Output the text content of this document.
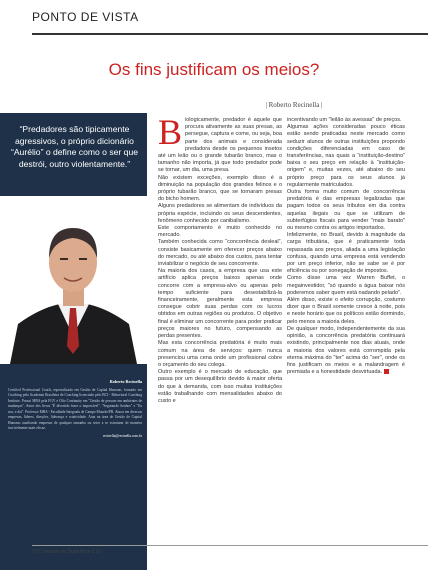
PONTO DE VISTA
Os fins justificam os meios?
| Roberto Recinella |
“Predadores são tipicamente agressivos, o próprio dicionário “Aurélio” o define como o ser que destrói, outro violentamente.”
Roberto Recinella
Certified Professional Coach, especializado em Gestão de Capital Humano, formado em Coaching pela Academia Brasileira de Coaching licenciado pelo BCI - Behavioral Coaching Institute. Possui MBA pela FGV e Olio Continuity em "Gestão de pessoas em ambientes de mudanças". Autor dos livros "É divertido fazer o impossível", "Segurando Sonhos" e "Eu sou, e daí". Professor MBA - Faculdade Integrada de Campo Mourão/PR. Atuou em diversas empresas, líderes, direções, liderança e criatividade. Atua na área de Gestão de Capital Humano auxiliando empresas de qualquer tamanho ou setor a se estruturar de maneira incrivelmente mais eficaz.
recinella@recinella.com.br
B iologicamente, predador é aquele que procura ativamente as suas presas, as persegue, captura e come, ou seja, boa parte dos animais e considerada predadora desde os pequenos insetos até um leão ou o grande tubarão branco, mas o tamanho não importa, já que todo predador pode se tornar, um dia, uma presa.

Não existem exceções, exemplo disso é a diminuição na população dos grandes felinos e o próprio tubarão branco, que se tornaram presas do bicho homem.

Alguns predadores se alimentam de indivíduos da própria espécie, incluindo os seus descendentes, fenômeno conhecido por canibalismo.

Este comportamento é muito conhecido no mercado.

Também conhecida como “concorrência desleal”, consiste basicamente em oferecer preços abaixo do mercado, ou até abaixo dos custos, para tentar inviabilizar o negócio de seu concorrente.

Na maioria dos casos, a empresa que usa este artifício aplica preços baixos apenas onde concorre com a empresa-alvo ou apenas pelo tempo suficiente para desestabilizá-la financeiramente, geralmente esta empresa consegue cobrir suas perdas com os lucros obtidos em outras regiões ou produtos. O objetivo final é eliminar um concorrente para poder praticar preços maiores no futuro, compensando as perdas presentes.

Mas esta concorrência predatória é muito mais comum na área de serviços: quem nunca presenciou uma cena onde um profissional cobre o orçamento do seu colega.

Outro exemplo é o mercado de educação, que passa por um desequilíbrio devido à maior oferta do que à demanda, com isso muitas instituições estão trabalhando com mensalidades abaixo do custo e

incentivando um "leilão às avessas" de preços.

Algumas ações consideradas pouco éticas estão sendo praticadas neste mercado como seduzir alunos de outras instituições propondo condições diferenciadas em caso de transferências, nas quais a “instituição-destino” baixa o seu preço em relação à “instituição-origem” e, muitas vezes, até abaixo do seu próprio preço para os seus alunos já regularmente matriculados.

Outra forma muito comum de concorrência predatória é das empresas legalizadas que pagam todos os seus tributos em dia contra aquelas ilegais ou que se utilizam de subterfúgios fiscais para vender "mais barato" ou mesmo contra os artigos importados.

Infelizmente, no Brasil, devido à magnitude da carga tributária, que é praticamente toda repassada aos preços, aliada a uma legislação confusa, quando uma empresa está vendendo por um preço inferior, não se sabe se é por eficiência ou por sonegação de impostos.

Como disse uma vez Warren Buffet, o megainvestidor, "só quando a água baixar nós poderemos saber quem está nadando pelado".

Além disso, existe o efeito corrupção, costumo dizer que o Brasil somente cresce à noite, pois e neste horário que os políticos estão dormindo, pelo menos a maioria deles.

De qualquer modo, independentemente da sua opinião, a concorrência predatória continuará existindo, principalmente nos dias atuais, onde a maioria dos valores está corrompida pela eterna máxima do "ter" acima do "ser", onde os fins justificam os meios e a malandragem é premiada e a honestidade desvirtuada.

70 | Sebrae na Superfície 172
